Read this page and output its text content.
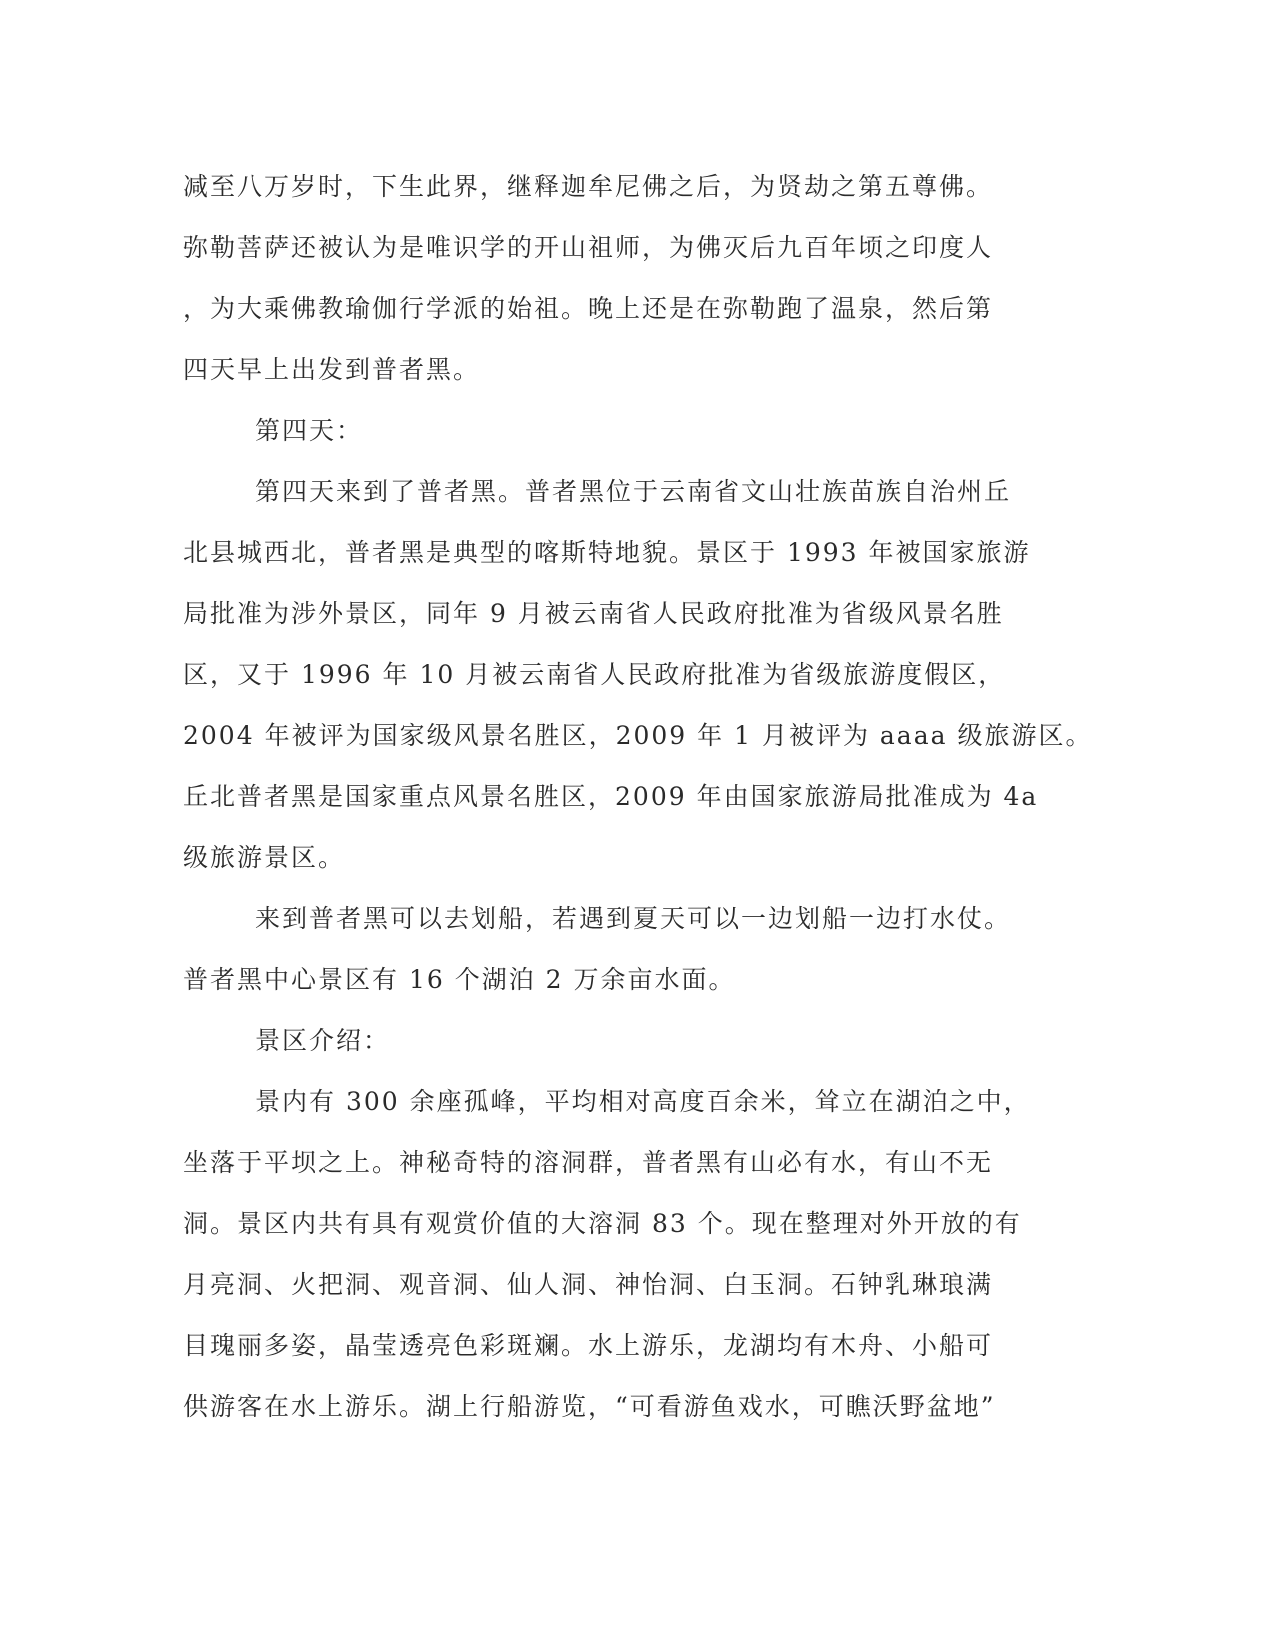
减至八万岁时，下生此界，继释迦牟尼佛之后，为贤劫之第五尊佛。

弥勒菩萨还被认为是唯识学的开山祖师，为佛灭后九百年顷之印度人

，为大乘佛教瑜伽行学派的始祖。晚上还是在弥勒跑了温泉，然后第

四天早上出发到普者黑。

第四天：

第四天来到了普者黑。普者黑位于云南省文山壮族苗族自治州丘

北县城西北，普者黑是典型的喀斯特地貌。景区于 1993 年被国家旅游

局批准为涉外景区，同年 9 月被云南省人民政府批准为省级风景名胜

区，又于 1996 年 10 月被云南省人民政府批准为省级旅游度假区，

2004 年被评为国家级风景名胜区，2009 年 1 月被评为 aaaa 级旅游区。

丘北普者黑是国家重点风景名胜区，2009 年由国家旅游局批准成为 4a

级旅游景区。

来到普者黑可以去划船，若遇到夏天可以一边划船一边打水仗。

普者黑中心景区有 16 个湖泊 2 万余亩水面。

景区介绍：

景内有 300 余座孤峰，平均相对高度百余米，耸立在湖泊之中，

坐落于平坝之上。神秘奇特的溶洞群，普者黑有山必有水，有山不无

洞。景区内共有具有观赏价值的大溶洞 83 个。现在整理对外开放的有

月亮洞、火把洞、观音洞、仙人洞、神怡洞、白玉洞。石钟乳琳琅满

目瑰丽多姿，晶莹透亮色彩斑斓。水上游乐，龙湖均有木舟、小船可

供游客在水上游乐。湖上行船游览，“可看游鱼戏水，可瞧沃野盆地”
